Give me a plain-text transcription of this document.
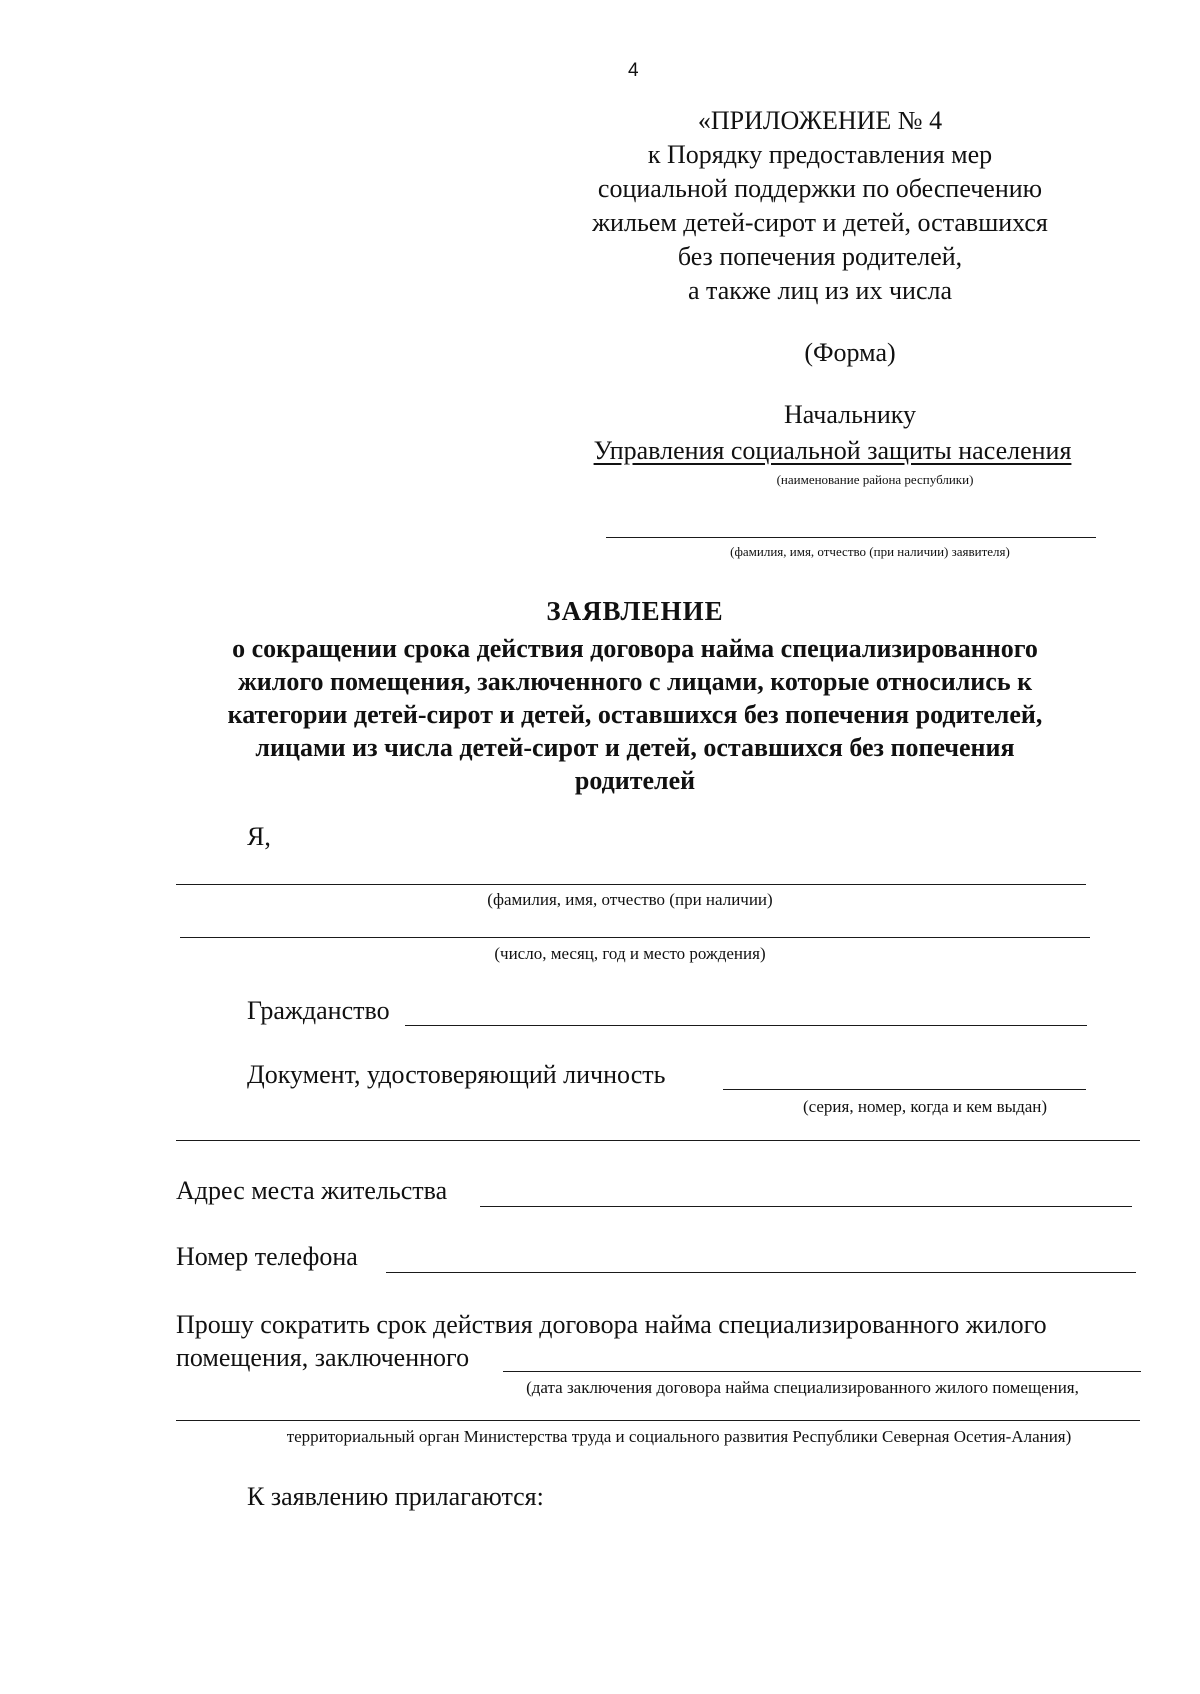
4
«ПРИЛОЖЕНИЕ № 4
к Порядку предоставления мер
социальной поддержки по обеспечению
жильем детей-сирот и детей, оставшихся
без попечения родителей,
а также лиц из их числа
(Форма)
Начальнику
Управления социальной защиты населения
(наименование района республики)
(фамилия, имя, отчество (при наличии) заявителя)
ЗАЯВЛЕНИЕ
о сокращении срока действия договора найма специализированного
жилого помещения, заключенного с лицами, которые относились к
категории детей-сирот и детей, оставшихся без попечения родителей,
лицами из числа детей-сирот и детей, оставшихся без попечения
родителей
Я,
(фамилия, имя, отчество (при наличии)
(число, месяц, год и место рождения)
Гражданство
Документ, удостоверяющий личность
(серия, номер, когда и кем выдан)
Адрес места жительства
Номер телефона
Прошу сократить срок действия договора найма специализированного жилого
помещения, заключенного
(дата заключения договора найма специализированного жилого помещения,
территориальный орган Министерства труда и социального развития Республики Северная Осетия-Алания)
К заявлению прилагаются:
